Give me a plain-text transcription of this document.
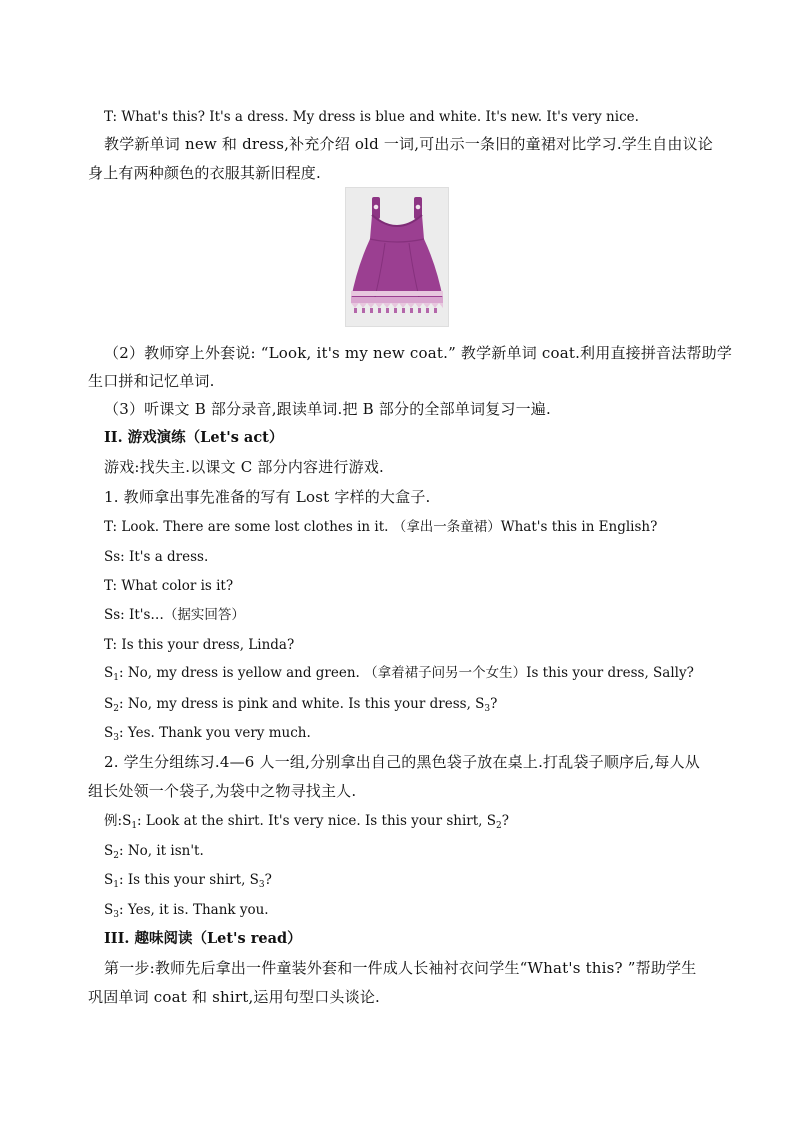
T: What's this? It's a dress. My dress is blue and white. It's new. It's very nice.
教学新单词 new 和 dress,补充介绍 old 一词,可出示一条旧的童裙对比学习.学生自由议论
身上有两种颜色的衣服其新旧程度.
（2）教师穿上外套说: “Look, it's my new coat.” 教学新单词 coat.利用直接拼音法帮助学
生口拼和记忆单词.
（3）听课文 B 部分录音,跟读单词.把 B 部分的全部单词复习一遍.
II. 游戏演练（Let's act）
游戏:找失主.以课文 C 部分内容进行游戏.
1. 教师拿出事先准备的写有 Lost 字样的大盒子.
T: Look. There are some lost clothes in it. （拿出一条童裙）What's this in English?
Ss: It's a dress.
T: What color is it?
Ss: It's…（据实回答）
T: Is this your dress, Linda?
$S_1$: No, my dress is yellow and green. （拿着裙子问另一个女生）Is this your dress, Sally?
$S_2$: No, my dress is pink and white. Is this your dress, $S_3$?
$S_3$: Yes. Thank you very much.
2. 学生分组练习.4—6 人一组,分别拿出自己的黑色袋子放在桌上.打乱袋子顺序后,每人从
组长处领一个袋子,为袋中之物寻找主人.
例$:S_1$: Look at the shirt. It's very nice. Is this your shirt, $S_2$?
$S_2$: No, it isn't.
$S_1$: Is this your shirt, $S_3$?
$S_3$: Yes, it is. Thank you.
III. 趣味阅读（Let's read）
第一步:教师先后拿出一件童装外套和一件成人长袖衬衣问学生“What's this? ”帮助学生
巩固单词 coat 和 shirt,运用句型口头谈论.
